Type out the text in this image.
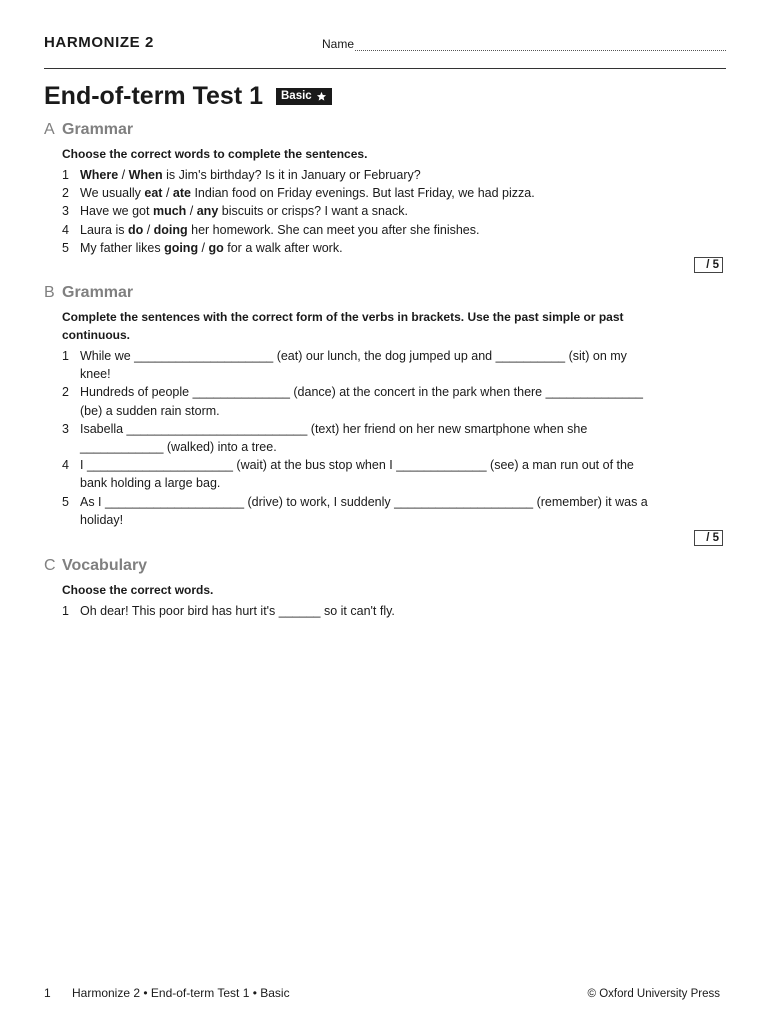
HARMONIZE 2	Name
End-of-term Test 1 Basic
A Grammar
Choose the correct words to complete the sentences.
1 Where / When is Jim's birthday? Is it in January or February?
2 We usually eat / ate Indian food on Friday evenings. But last Friday, we had pizza.
3 Have we got much / any biscuits or crisps? I want a snack.
4 Laura is do / doing her homework. She can meet you after she finishes.
5 My father likes going / go for a walk after work.
/ 5
B Grammar
Complete the sentences with the correct form of the verbs in brackets. Use the past simple or past continuous.
1 While we ____________________ (eat) our lunch, the dog jumped up and __________ (sit) on my knee!
2 Hundreds of people ______________ (dance) at the concert in the park when there ______________ (be) a sudden rain storm.
3 Isabella __________________________ (text) her friend on her new smartphone when she ____________ (walked) into a tree.
4 I _____________________ (wait) at the bus stop when I _____________ (see) a man run out of the bank holding a large bag.
5 As I ____________________ (drive) to work, I suddenly ____________________ (remember) it was a holiday!
/ 5
C Vocabulary
Choose the correct words.
1 Oh dear! This poor bird has hurt it's ______ so it can't fly.
1	Harmonize 2 • End-of-term Test 1 • Basic	© Oxford University Press
